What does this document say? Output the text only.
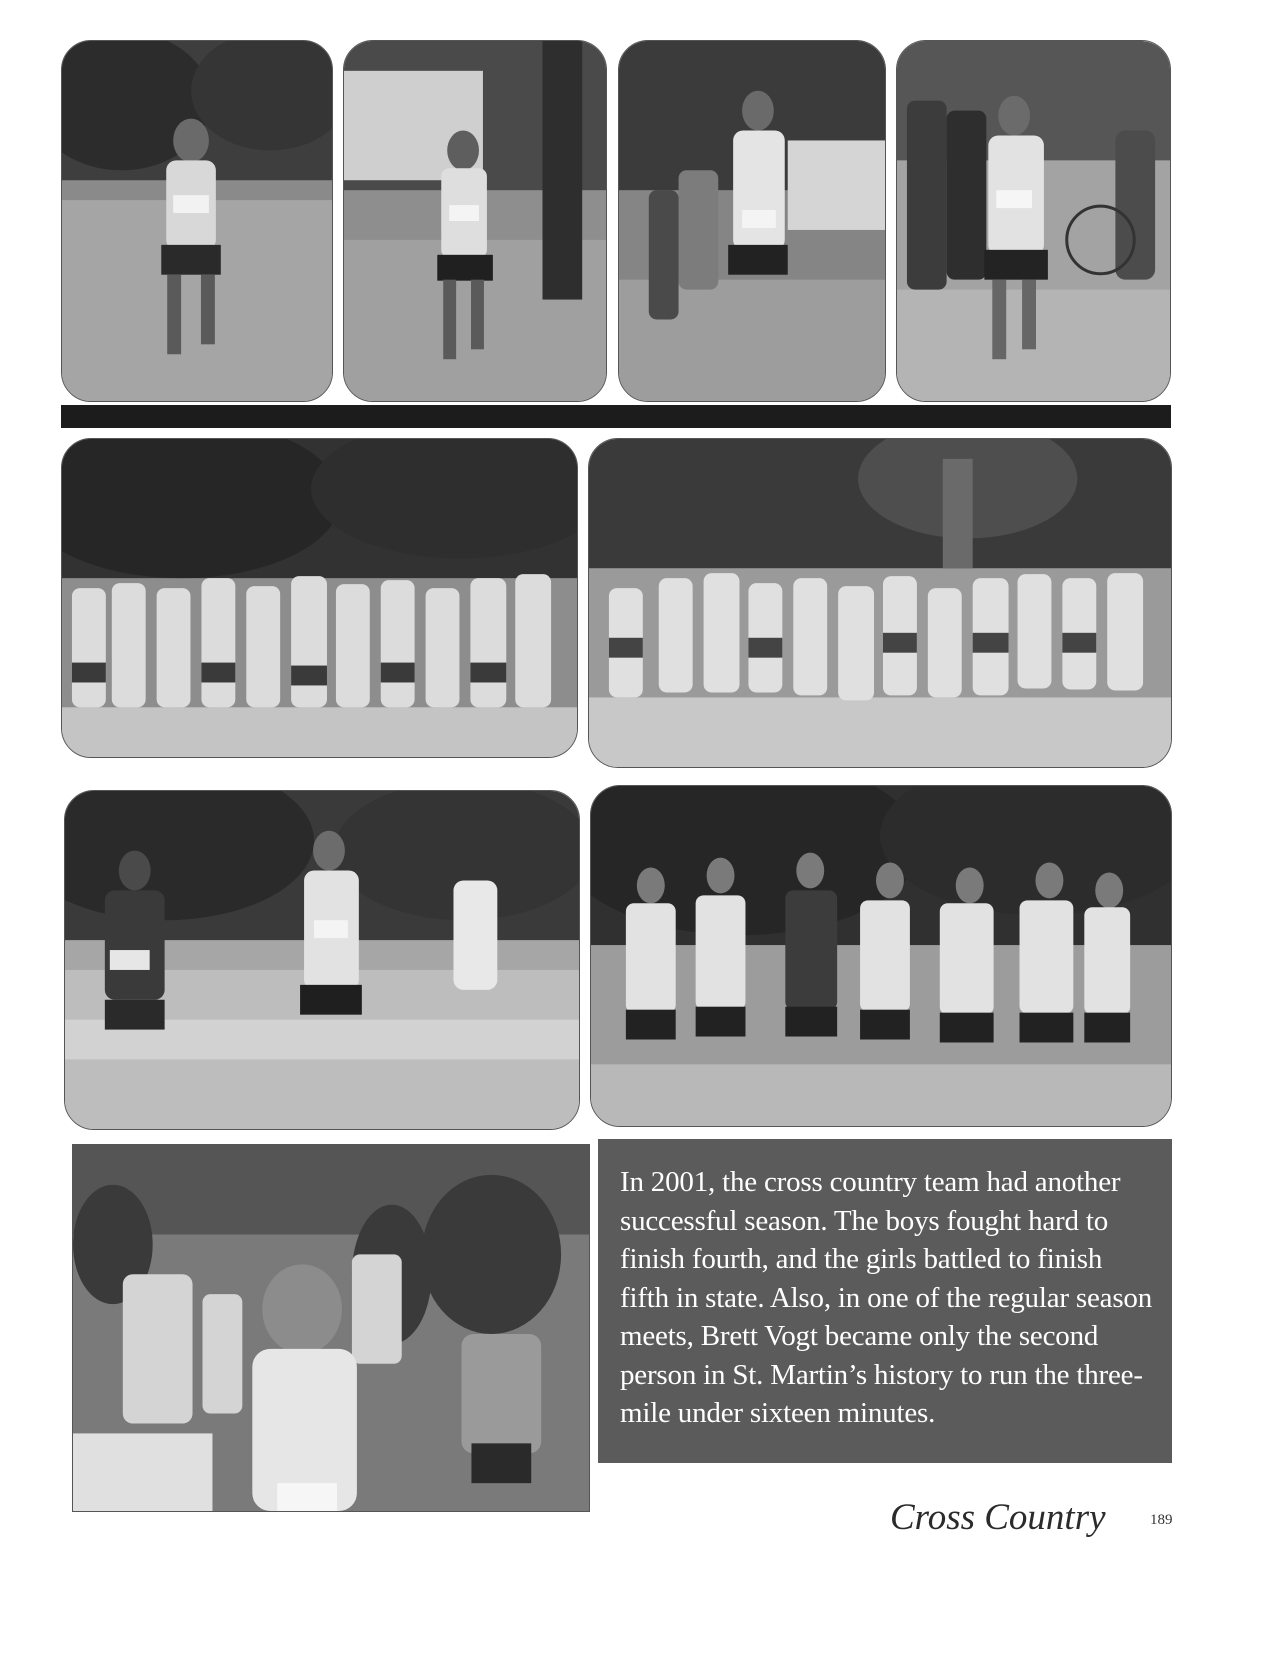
In 2001, the cross country team had another successful season. The boys fought hard to finish fourth, and the girls battled to finish fifth in state. Also, in one of the regular season meets, Brett Vogt became only the second person in St. Martin’s history to run the three-mile under sixteen minutes.
Cross Country	189
